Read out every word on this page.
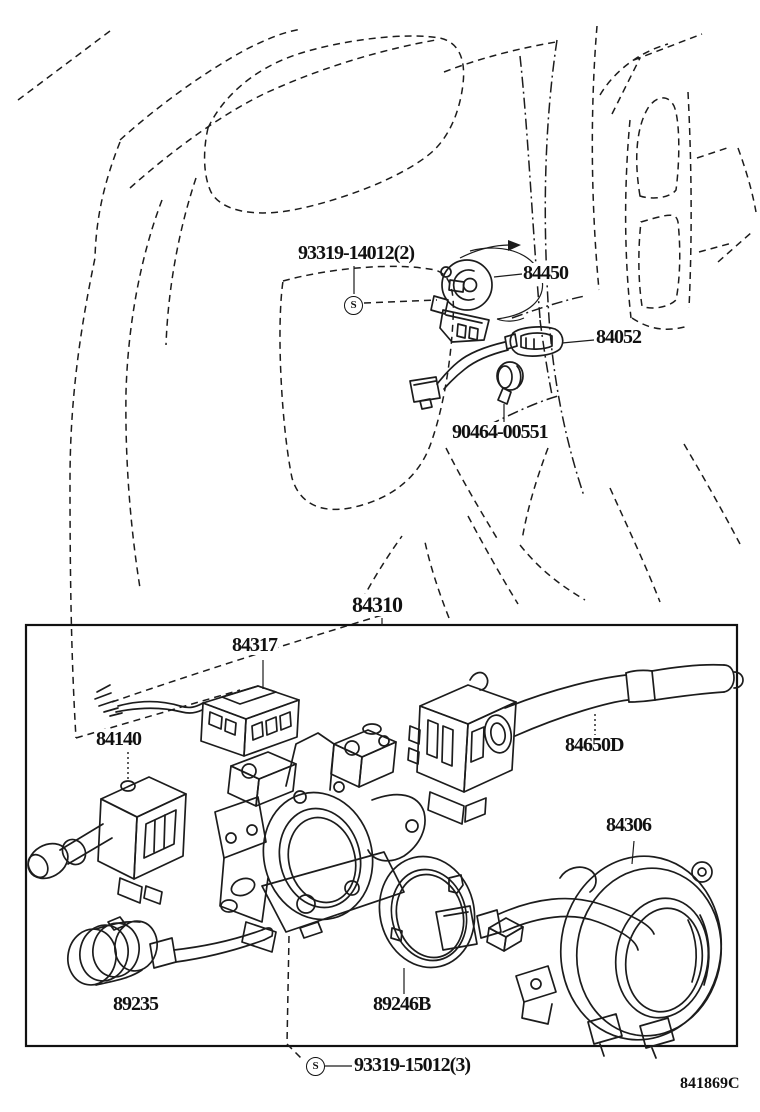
93319-14012(2)
84450
84052
90464-00551
84310
84317
84140	84650D
84306
89235	89246B
93319-15012(3)
841869C
S
S
